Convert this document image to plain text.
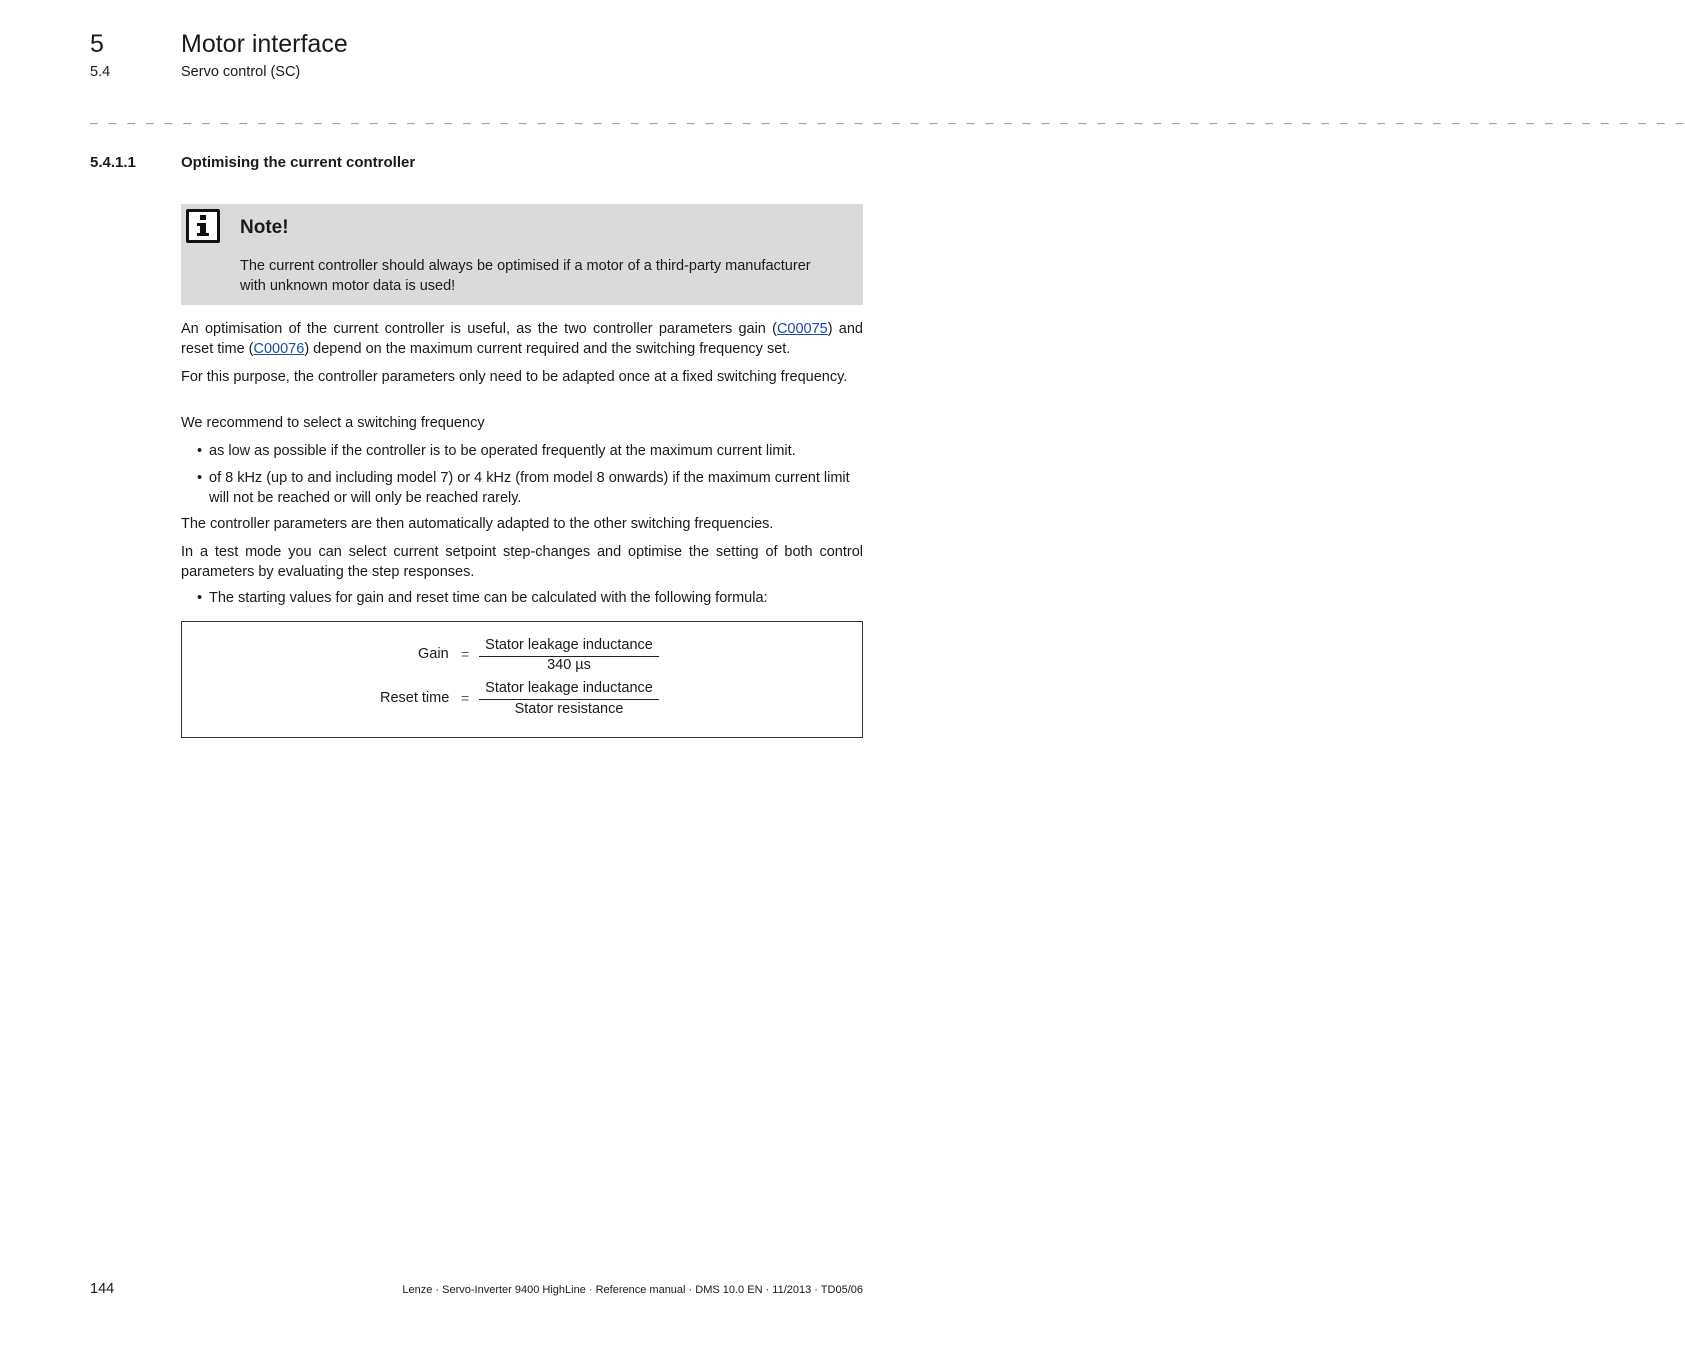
5	Motor interface
5.4	Servo control (SC)
_ _ _ _ _ _ _ _ _ _ _ _ _ _ _ _ _ _ _ _ _ _ _ _ _ _ _ _ _ _ _ _ _ _ _ _ _ _ _ _ _ _ _ _ _ _ _ _ _ _ _ _ _ _ _ _ _ _ _ _ _ _ _ _ _ _ _ _ _ _ _ _ _ _ _ _ _ _ _ _ _ _ _ _ _ _
5.4.1.1	Optimising the current controller
Note!
The current controller should always be optimised if a motor of a third-party manufacturer with unknown motor data is used!
An optimisation of the current controller is useful, as the two controller parameters gain (C00075) and reset time (C00076) depend on the maximum current required and the switching frequency set.
For this purpose, the controller parameters only need to be adapted once at a fixed switching frequency.
We recommend to select a switching frequency
• as low as possible if the controller is to be operated frequently at the maximum current limit.
• of 8 kHz (up to and including model 7) or 4 kHz (from model 8 onwards) if the maximum current limit will not be reached or will only be reached rarely.
The controller parameters are then automatically adapted to the other switching frequencies.
In a test mode you can select current setpoint step-changes and optimise the setting of both control parameters by evaluating the step responses.
• The starting values for gain and reset time can be calculated with the following formula:
Gain =
Stator leakage inductance
340 µs
Reset time =
Stator leakage inductance
Stator resistance
144	Lenze · Servo-Inverter 9400 HighLine · Reference manual · DMS 10.0 EN · 11/2013 · TD05/06
